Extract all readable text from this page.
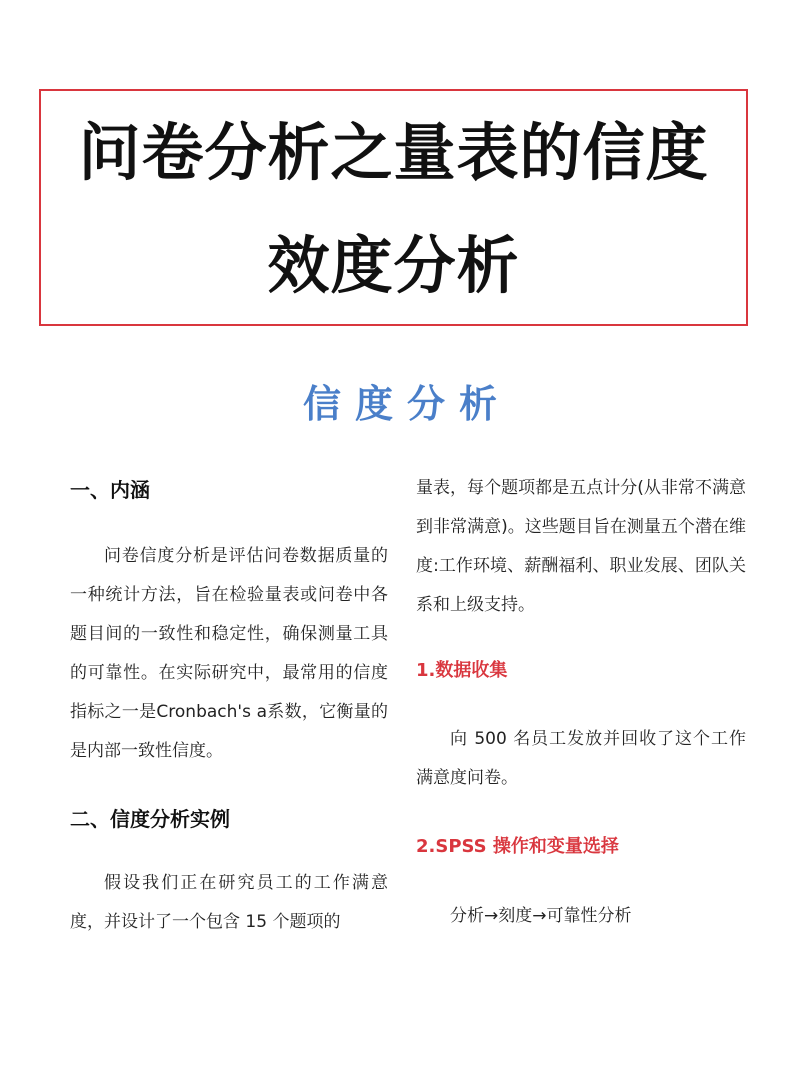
问卷分析之量表的信度
效度分析
信度分析

一、内涵

问卷信度分析是评估问卷数据质量的一种统计方法，旨在检验量表或问卷中各题目间的一致性和稳定性，确保测量工具的可靠性。在实际研究中，最常用的信度指标之一是Cronbach's a系数，它衡量的是内部一致性信度。

二、信度分析实例

假设我们正在研究员工的工作满意度，并设计了一个包含 15 个题项的

量表，每个题项都是五点计分(从非常不满意到非常满意)。这些题目旨在测量五个潜在维度:工作环境、薪酬福利、职业发展、团队关系和上级支持。

1.数据收集

向 500 名员工发放并回收了这个工作满意度问卷。

2.SPSS 操作和变量选择

分析→刻度→可靠性分析
